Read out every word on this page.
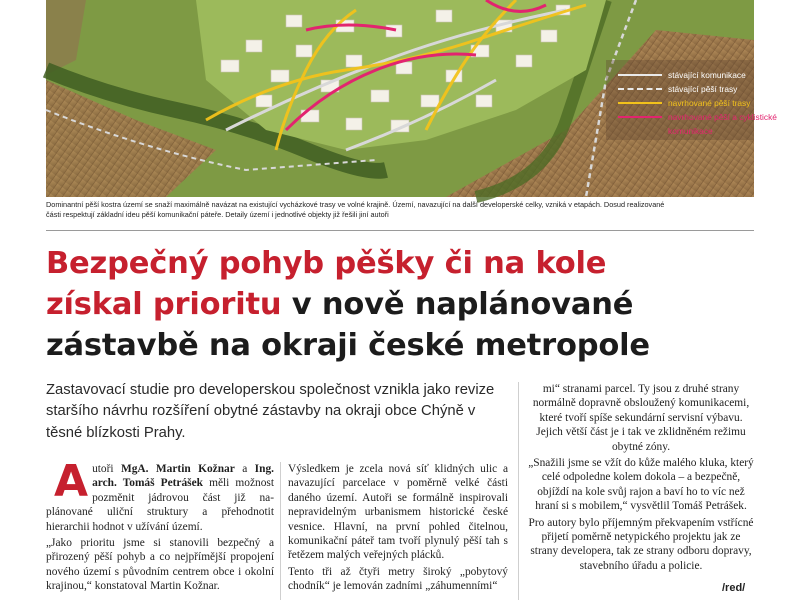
stávající komunikace
stávající pěší trasy
navrhované pěší trasy
navrhované pěší a cyklistické
komunikace
Dominantní pěší kostra území se snaží maximálně navázat na existující vycházkové trasy ve volné krajině. Území, navazující na další developerské celky, vzniká v etapách. Dosud realizované
části respektují základní ideu pěší komunikační páteře. Detaily území i jednotlivé objekty již řešili jiní autoři
Bezpečný pohyb pěšky či na kole
získal prioritu v nově naplánované
zástavbě na okraji české metropole

Zastavovací studie pro developerskou společnost vznikla jako revize staršího návrhu rozšíření obytné zástavby na okraji obce Chýně v těsné blízkosti Prahy.

Autoři MgA. Martin Kožnar a Ing. arch. Tomáš Petrášek měli možnost pozměnit jádrovou část již na-plánované uliční struktury a přehodnotit hierarchii hodnot v užívání území.

„Jako prioritu jsme si stanovili bezpečný a přirozený pěší pohyb a co nejpřímější propojení nového území s původním centrem obce i okolní krajinou,“ konstatoval Martin Kožnar.

Výsledkem je zcela nová síť klidných ulic a navazující parcelace v poměrně velké části daného území. Autoři se formálně inspirovali nepravidelným urbanismem historické české vesnice. Hlavní, na první pohled čitelnou, komunikační páteř tam tvoří plynulý pěší tah s řetězem malých veřejných plácků.

Tento tři až čtyři metry široký „pobytový chodník“ je lemován zadními „záhumenními“

mi“ stranami parcel. Ty jsou z druhé strany normálně dopravně obsloužený komunikacemi, které tvoří spíše sekundární servisní výbavu. Jejich větší část je i tak ve zklidněném režimu obytné zóny.

„Snažili jsme se vžít do kůže malého kluka, který celé odpoledne kolem dokola – a bezpečně, objíždí na kole svůj rajon a baví ho to víc než hraní si s mobilem,“ vysvětlil Tomáš Petrášek.

Pro autory bylo příjemným překvapením vstřícné přijetí poměrně netypického projektu jak ze strany developera, tak ze strany odboru dopravy, stavebního úřadu a policie.

/red/
